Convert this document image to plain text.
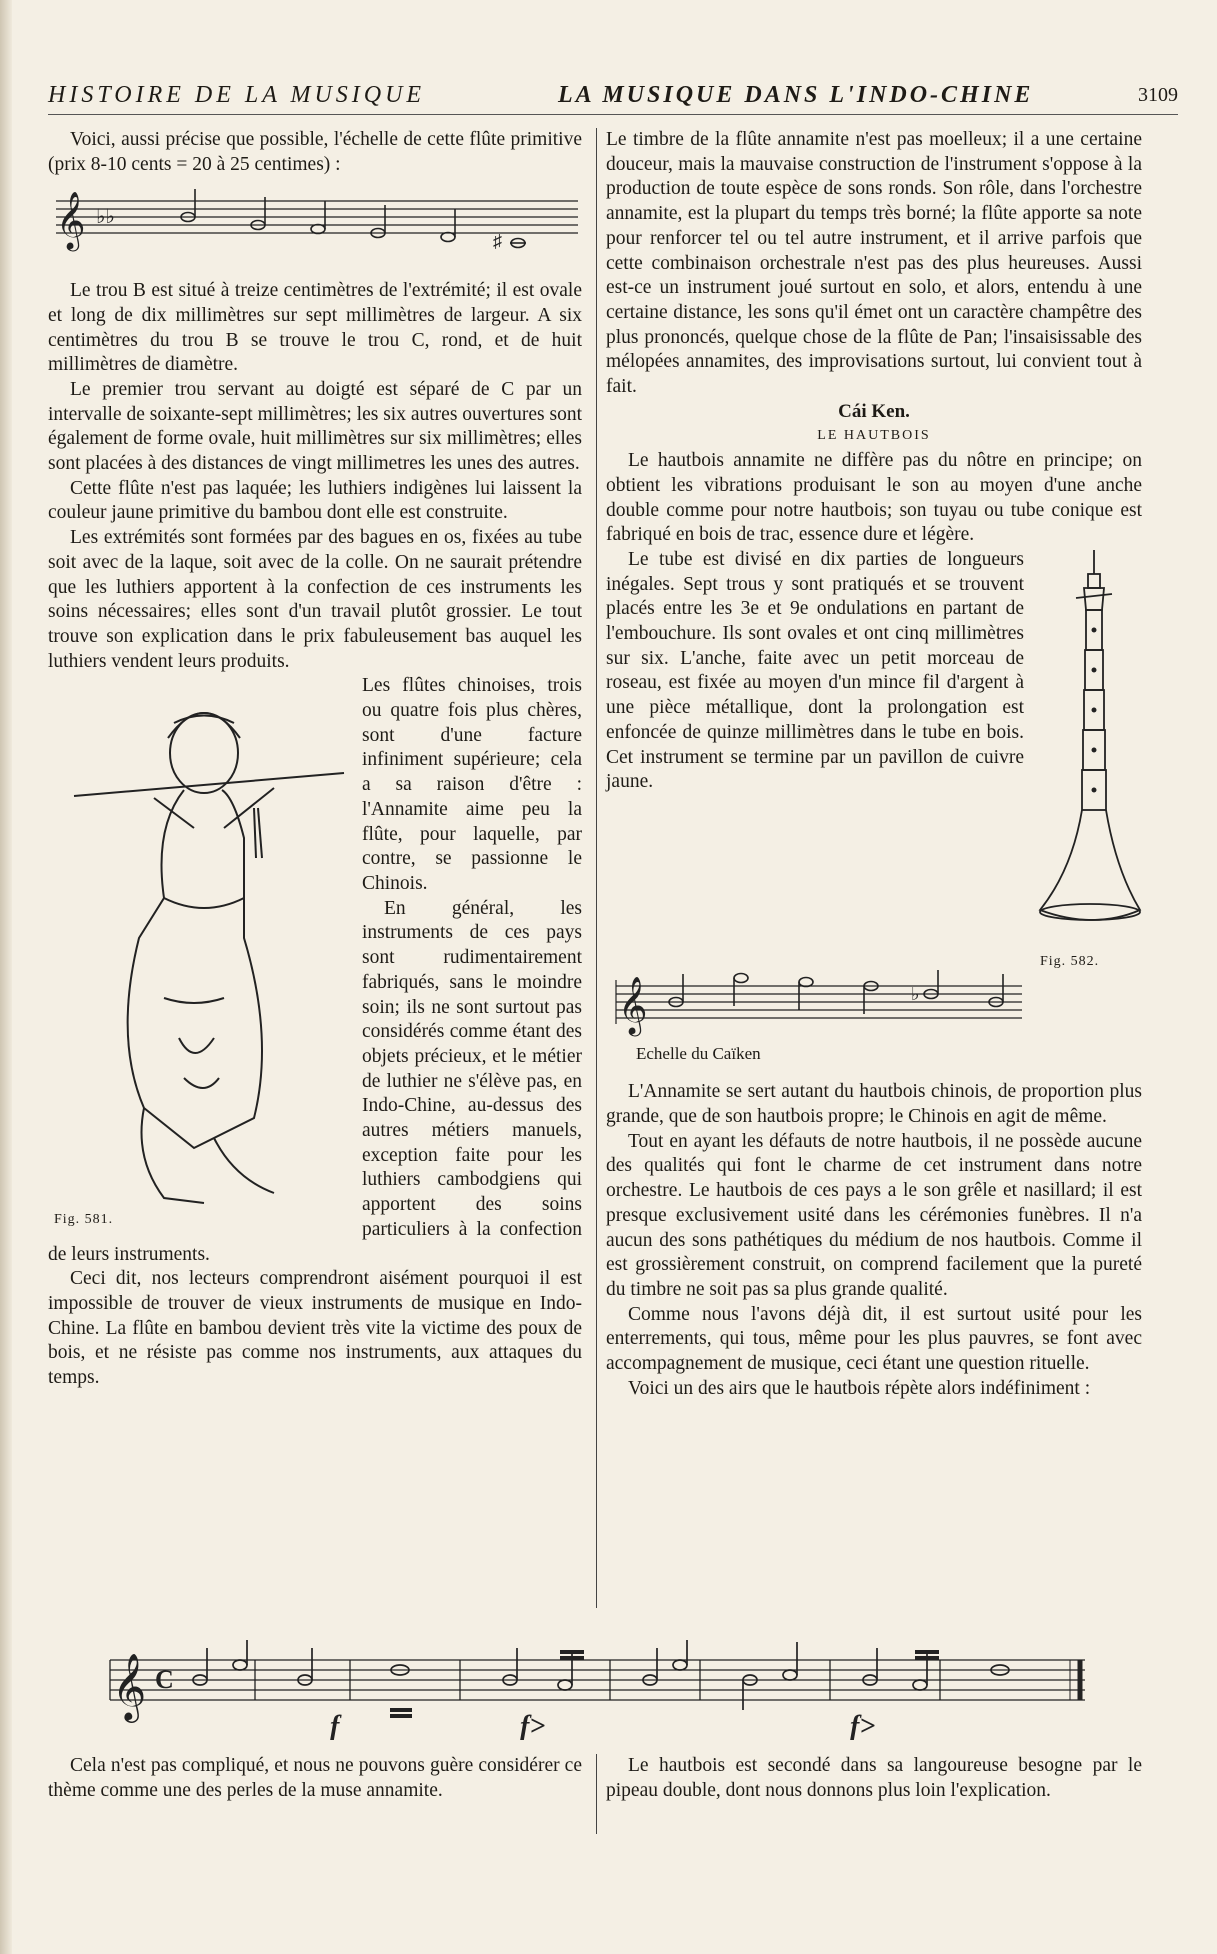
HISTOIRE DE LA MUSIQUE	LA MUSIQUE DANS L'INDO-CHINE	3109

Voici, aussi précise que possible, l'échelle de cette flûte primitive (prix 8-10 cents = 20 à 25 centimes) :

𝄞 ♭♭
♯

Le trou B est situé à treize centimètres de l'extrémité; il est ovale et long de dix millimètres sur sept millimètres de largeur. A six centimètres du trou B se trouve le trou C, rond, et de huit millimètres de diamètre.

Le premier trou servant au doigté est séparé de C par un intervalle de soixante-sept millimètres; les six autres ouvertures sont également de forme ovale, huit millimètres sur six millimètres; elles sont placées à des distances de vingt millimetres les unes des autres.

Cette flûte n'est pas laquée; les luthiers indigènes lui laissent la couleur jaune primitive du bambou dont elle est construite.

Les extrémités sont formées par des bagues en os, fixées au tube soit avec de la laque, soit avec de la colle. On ne saurait prétendre que les luthiers apportent à la confection de ces instruments les soins nécessaires; elles sont d'un travail plutôt grossier. Le tout trouve son explication dans le prix fabuleusement bas auquel les luthiers vendent leurs produits.

Fig. 581.

Les flûtes chinoises, trois ou quatre fois plus chères, sont d'une facture infiniment supérieure; cela a sa raison d'être : l'Annamite aime peu la flûte, pour laquelle, par contre, se passionne le Chinois.

En général, les instruments de ces pays sont rudimentairement fabriqués, sans le moindre soin; ils ne sont surtout pas considérés comme étant des objets précieux, et le métier de luthier ne s'élève pas, en Indo-Chine, au-dessus des autres métiers manuels, exception faite pour les luthiers cambodgiens qui apportent des soins particuliers à la confection de leurs instruments.

Ceci dit, nos lecteurs comprendront aisément pourquoi il est impossible de trouver de vieux instruments de musique en Indo-Chine. La flûte en bambou devient très vite la victime des poux de bois, et ne résiste pas comme nos instruments, aux attaques du temps.

Le timbre de la flûte annamite n'est pas moelleux; il a une certaine douceur, mais la mauvaise construction de l'instrument s'oppose à la production de toute espèce de sons ronds. Son rôle, dans l'orchestre annamite, est la plupart du temps très borné; la flûte apporte sa note pour renforcer tel ou tel autre instrument, et il arrive parfois que cette combinaison orchestrale n'est pas des plus heureuses. Aussi est-ce un instrument joué surtout en solo, et alors, entendu à une certaine distance, les sons qu'il émet ont un caractère champêtre des plus prononcés, quelque chose de la flûte de Pan; l'insaisissable des mélopées annamites, des improvisations surtout, lui convient tout à fait.

Cái Ken.

LE HAUTBOIS

Le hautbois annamite ne diffère pas du nôtre en principe; on obtient les vibrations produisant le son au moyen d'une anche double comme pour notre hautbois; son tuyau ou tube conique est fabriqué en bois de trac, essence dure et légère.

Fig. 582.

Le tube est divisé en dix parties de longueurs inégales. Sept trous y sont pratiqués et se trouvent placés entre les 3e et 9e ondulations en partant de l'embouchure. Ils sont ovales et ont cinq millimètres sur six. L'anche, faite avec un petit morceau de roseau, est fixée au moyen d'un mince fil d'argent à une pièce métallique, dont la prolongation est enfoncée de quinze millimètres dans le tube en bois. Cet instrument se termine par un pavillon de cuivre jaune.

𝄞	♭
Echelle du Caïken

L'Annamite se sert autant du hautbois chinois, de proportion plus grande, que de son hautbois propre; le Chinois en agit de même.

Tout en ayant les défauts de notre hautbois, il ne possède aucune des qualités qui font le charme de cet instrument dans notre orchestre. Le hautbois de ces pays a le son grêle et nasillard; il est presque exclusivement usité dans les cérémonies funèbres. Il n'a aucun des sons pathétiques du médium de nos hautbois. Comme il est grossièrement construit, on comprend facilement que la pureté du timbre ne soit pas sa plus grande qualité.

Comme nous l'avons déjà dit, il est surtout usité pour les enterrements, qui tous, même pour les plus pauvres, se font avec accompagnement de musique, ceci étant une question rituelle.

Voici un des airs que le hautbois répète alors indéfiniment :

𝄞 C
f	f>	f>

Cela n'est pas compliqué, et nous ne pouvons guère considérer ce thème comme une des perles de la muse annamite.

Le hautbois est secondé dans sa langoureuse besogne par le pipeau double, dont nous donnons plus loin l'explication.
